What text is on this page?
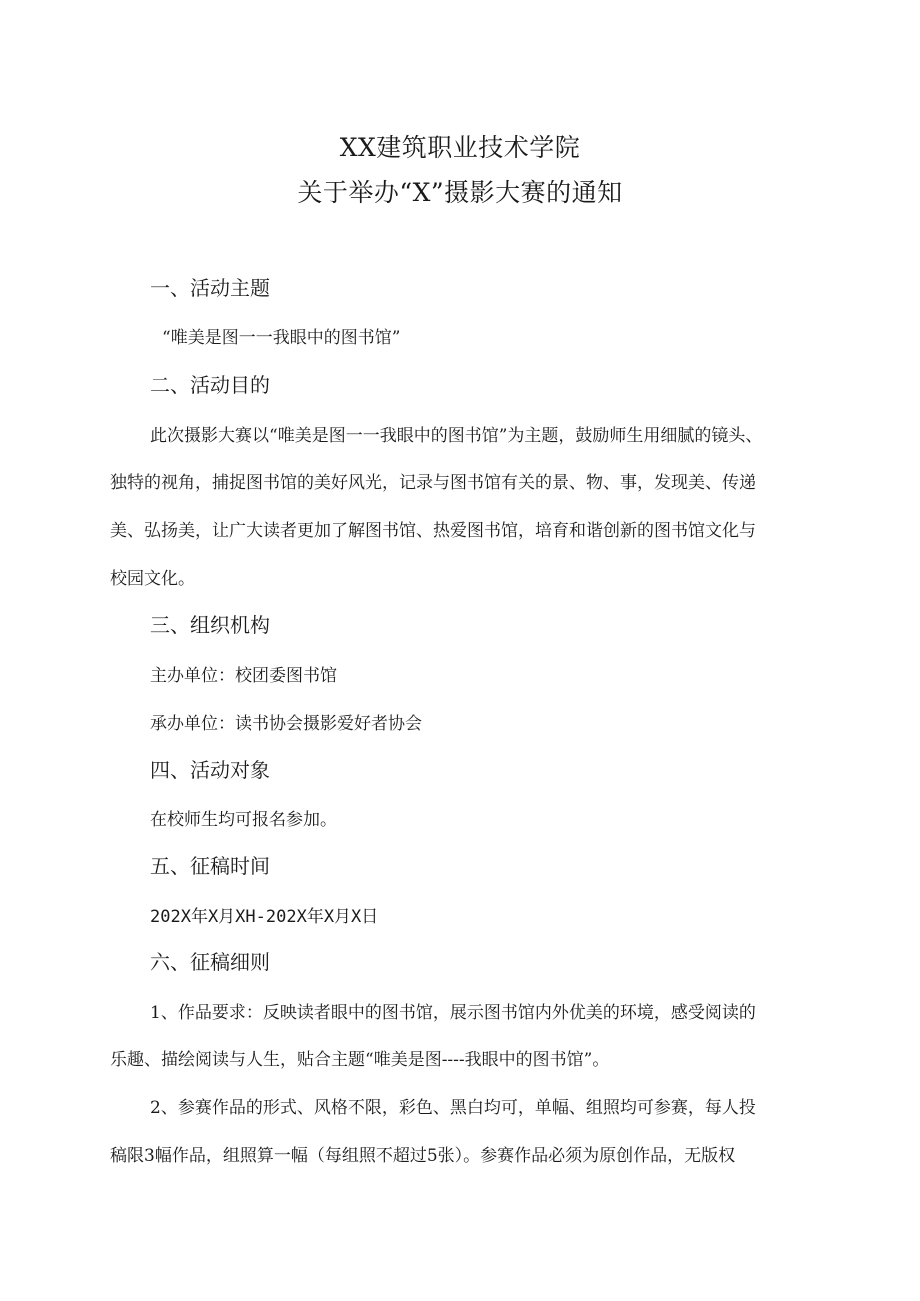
XX建筑职业技术学院
关于举办“X”摄影大赛的通知
一、活动主题
“唯美是图一一我眼中的图书馆”
二、活动目的
此次摄影大赛以“唯美是图一一我眼中的图书馆”为主题，鼓励师生用细腻的镜头、
独特的视角，捕捉图书馆的美好风光，记录与图书馆有关的景、物、事，发现美、传递
美、弘扬美，让广大读者更加了解图书馆、热爱图书馆，培育和谐创新的图书馆文化与
校园文化。
三、组织机构
主办单位：校团委图书馆
承办单位：读书协会摄影爱好者协会
四、活动对象
在校师生均可报名参加。
五、征稿时间
202X年X月XH-202X年X月X日
六、征稿细则
1、作品要求：反映读者眼中的图书馆，展示图书馆内外优美的环境，感受阅读的
乐趣、描绘阅读与人生，贴合主题“唯美是图----我眼中的图书馆”。
2、参赛作品的形式、风格不限，彩色、黑白均可，单幅、组照均可参赛，每人投
稿限3幅作品，组照算一幅（每组照不超过5张）。参赛作品必须为原创作品，无版权
